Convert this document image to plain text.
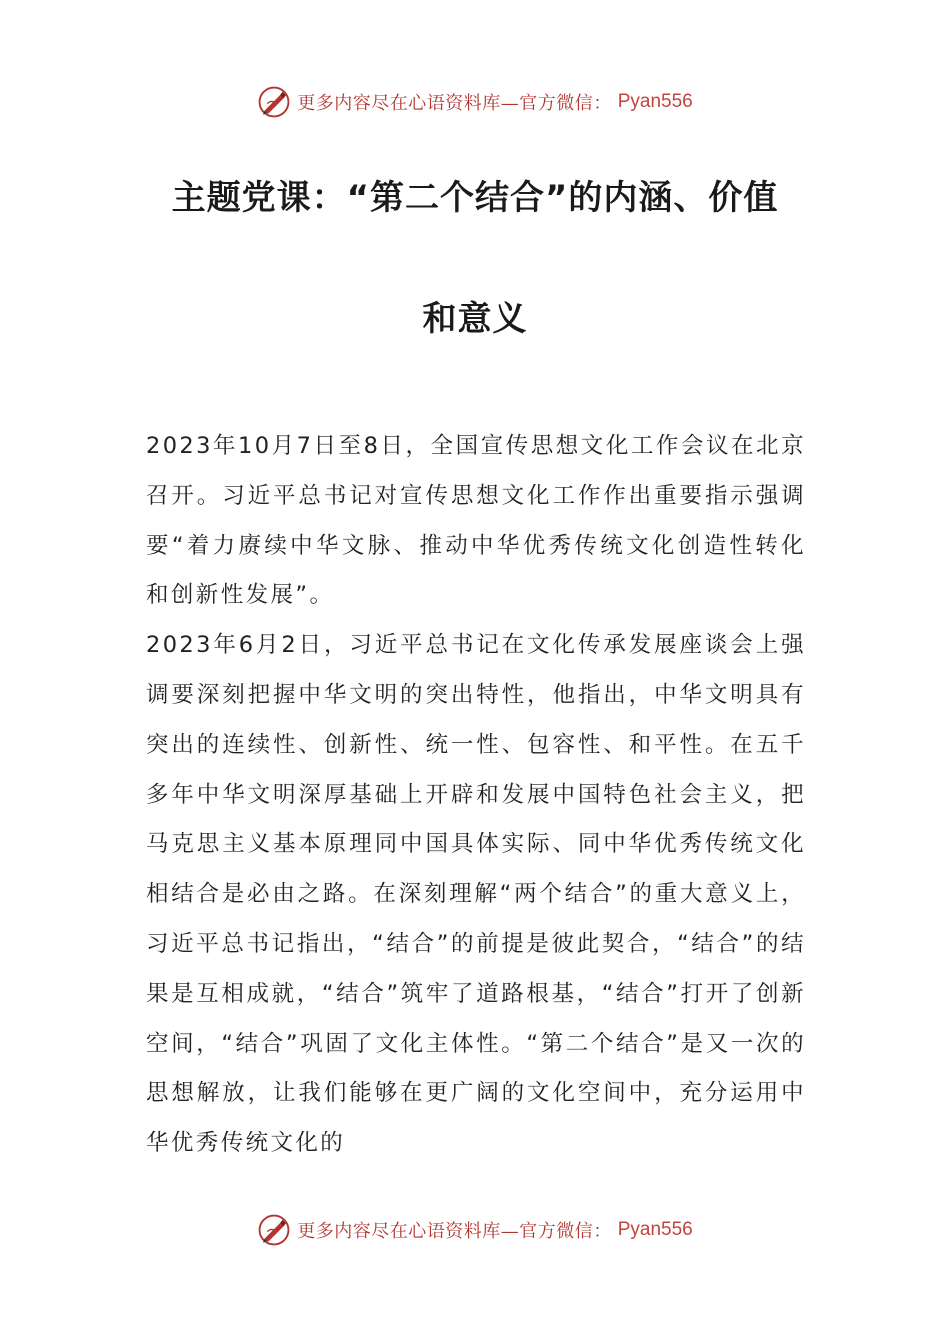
更多内容尽在心语资料库—官方微信： Pyan556

主题党课：“第二个结合”的内涵、价值

和意义

2023年10月7日至8日，全国宣传思想文化工作会议在北京召开。习近平总书记对宣传思想文化工作作出重要指示强调要“着力赓续中华文脉、推动中华优秀传统文化创造性转化和创新性发展”。

2023年6月2日，习近平总书记在文化传承发展座谈会上强调要深刻把握中华文明的突出特性，他指出，中华文明具有突出的连续性、创新性、统一性、包容性、和平性。在五千多年中华文明深厚基础上开辟和发展中国特色社会主义，把马克思主义基本原理同中国具体实际、同中华优秀传统文化相结合是必由之路。在深刻理解“两个结合”的重大意义上，习近平总书记指出，“结合”的前提是彼此契合，“结合”的结果是互相成就，“结合”筑牢了道路根基，“结合”打开了创新空间，“结合”巩固了文化主体性。“第二个结合”是又一次的思想解放，让我们能够在更广阔的文化空间中，充分运用中华优秀传统文化的

更多内容尽在心语资料库—官方微信： Pyan556
